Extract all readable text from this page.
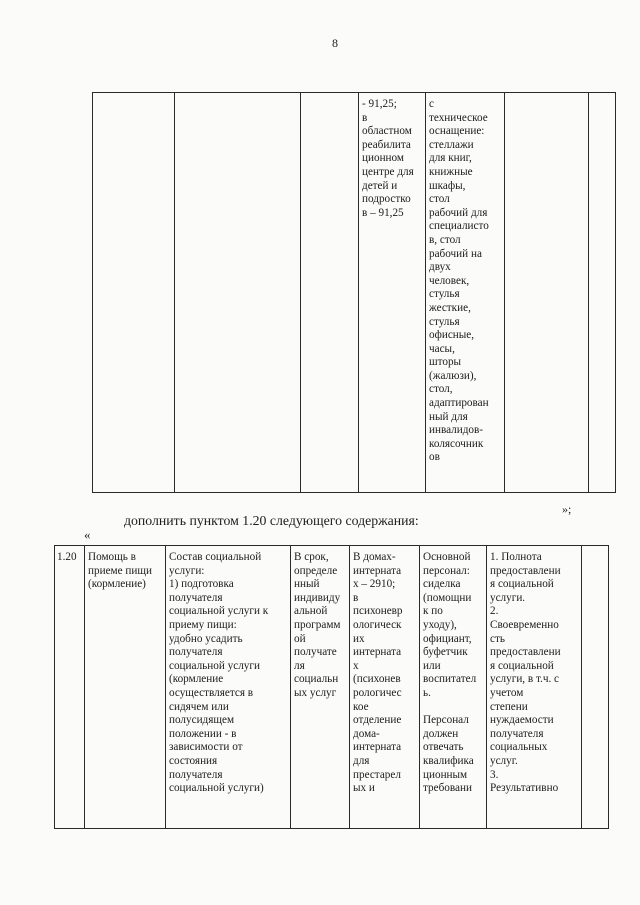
8
- 91,25;
в
областном
реабилита
ционном
центре для
детей и
подростко
в – 91,25
с
техническое
оснащение:
стеллажи
для книг,
книжные
шкафы,
стол
рабочий для
специалисто
в, стол
рабочий на
двух
человек,
стулья
жесткие,
стулья
офисные,
часы,
шторы
(жалюзи),
стол,
адаптирован
ный для
инвалидов-
колясочник
ов
»;
дополнить пунктом 1.20 следующего содержания:
«
1.20 Помощь в
приеме пищи
(кормление)
Состав социальной
услуги:
1) подготовка
получателя
социальной услуги к
приему пищи:
удобно усадить
получателя
социальной услуги
(кормление
осуществляется в
сидячем или
полусидящем
положении - в
зависимости от
состояния
получателя
социальной услуги)
В срок,
определе
нный
индивиду
альной
программ
ой
получате
ля
социальн
ых услуг
В домах-
интерната
х – 2910;
в
психоневр
ологическ
их
интерната
х
(психонев
рологичес
кое
отделение
дома-
интерната
для
престарел
ых и
Основной
персонал:
сиделка
(помощни
к по
уходу),
официант,
буфетчик
или
воспитател
ь.

Персонал
должен
отвечать
квалифика
ционным
требовани
1. Полнота
предоставлени
я социальной
услуги.
2.
Своевременно
сть
предоставлени
я социальной
услуги, в т.ч. с
учетом
степени
нуждаемости
получателя
социальных
услуг.
3.
Результативно
